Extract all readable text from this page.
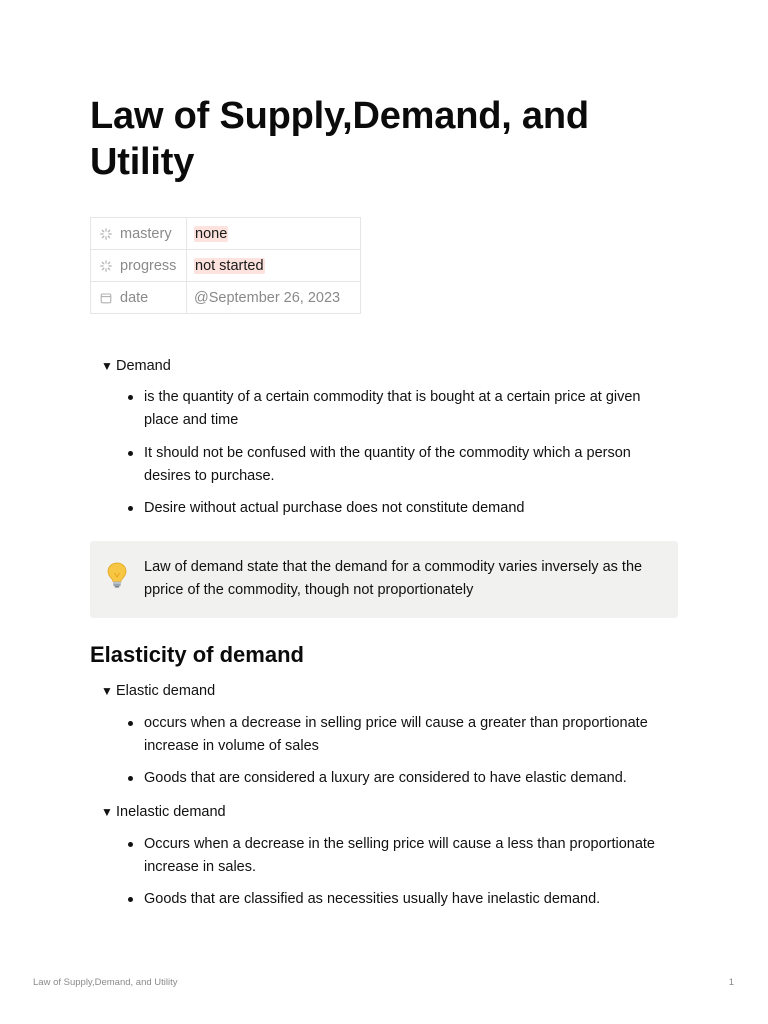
Law of Supply,Demand, and Utility
mastery	none

progress	not started

date	@September 26, 2023
▼ Demand
is the quantity of a certain commodity that is bought at a certain price at given place and time
It should not be confused with the quantity of the commodity which a person desires to purchase.
Desire without actual purchase does not constitute demand
Law of demand state that the demand for a commodity varies inversely as the pprice of the commodity, though not proportionately
Elasticity of demand
▼ Elastic demand
occurs when a decrease in selling price will cause a greater than proportionate increase in volume of sales
Goods that are considered a luxury are considered to have elastic demand.
▼ Inelastic demand
Occurs when a decrease in the selling price will cause a less than proportionate increase in sales.
Goods that are classified as necessities usually have inelastic demand.
Law of Supply,Demand, and Utility	1
